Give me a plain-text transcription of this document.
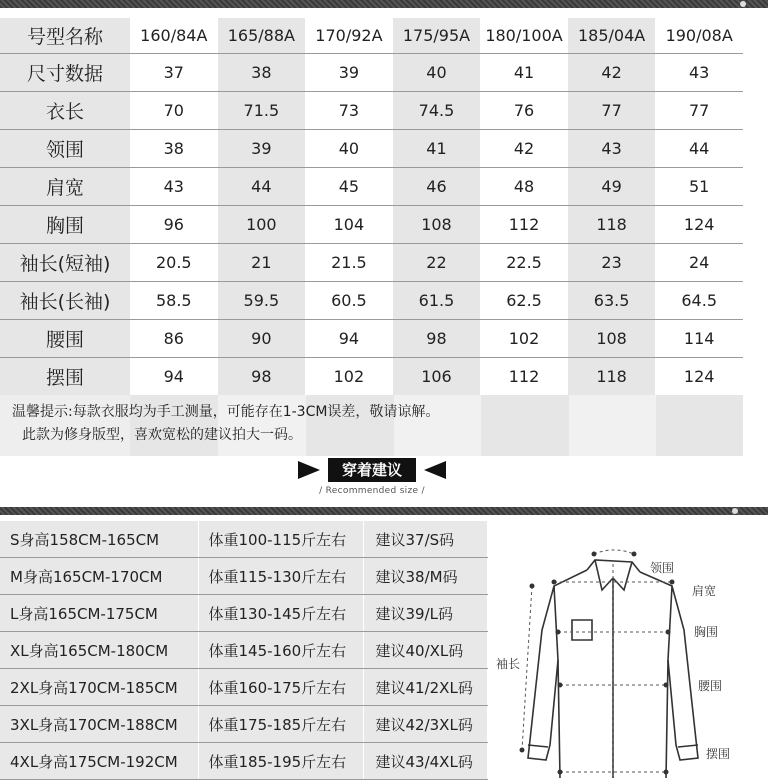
号型名称	160/84A	165/88A	170/92A	175/95A	180/100A	185/04A	190/08A
尺寸数据	37	38	39	40	41	42	43
衣长	70	71.5	73	74.5	76	77	77
领围	38	39	40	41	42	43	44
肩宽	43	44	45	46	48	49	51
胸围	96	100	104	108	112	118	124
袖长(短袖)	20.5	21	21.5	22	22.5	23	24
袖长(长袖)	58.5	59.5	60.5	61.5	62.5	63.5	64.5
腰围	86	90	94	98	102	108	114
摆围	94	98	102	106	112	118	124
温馨提示:每款衣服均为手工测量，可能存在1-3CM误差，敬请谅解。
此款为修身版型，喜欢宽松的建议拍大一码。
穿着建议
/ Recommended size /
S身高158CM-165CM	体重100-115斤左右	建议37/S码
M身高165CM-170CM	体重115-130斤左右	建议38/M码
L身高165CM-175CM	体重130-145斤左右	建议39/L码
XL身高165CM-180CM	体重145-160斤左右	建议40/XL码
2XL身高170CM-185CM	体重160-175斤左右	建议41/2XL码
3XL身高170CM-188CM	体重175-185斤左右	建议42/3XL码
4XL身高175CM-192CM	体重185-195斤左右	建议43/4XL码
领围
肩宽
胸围
袖长
腰围
摆围
